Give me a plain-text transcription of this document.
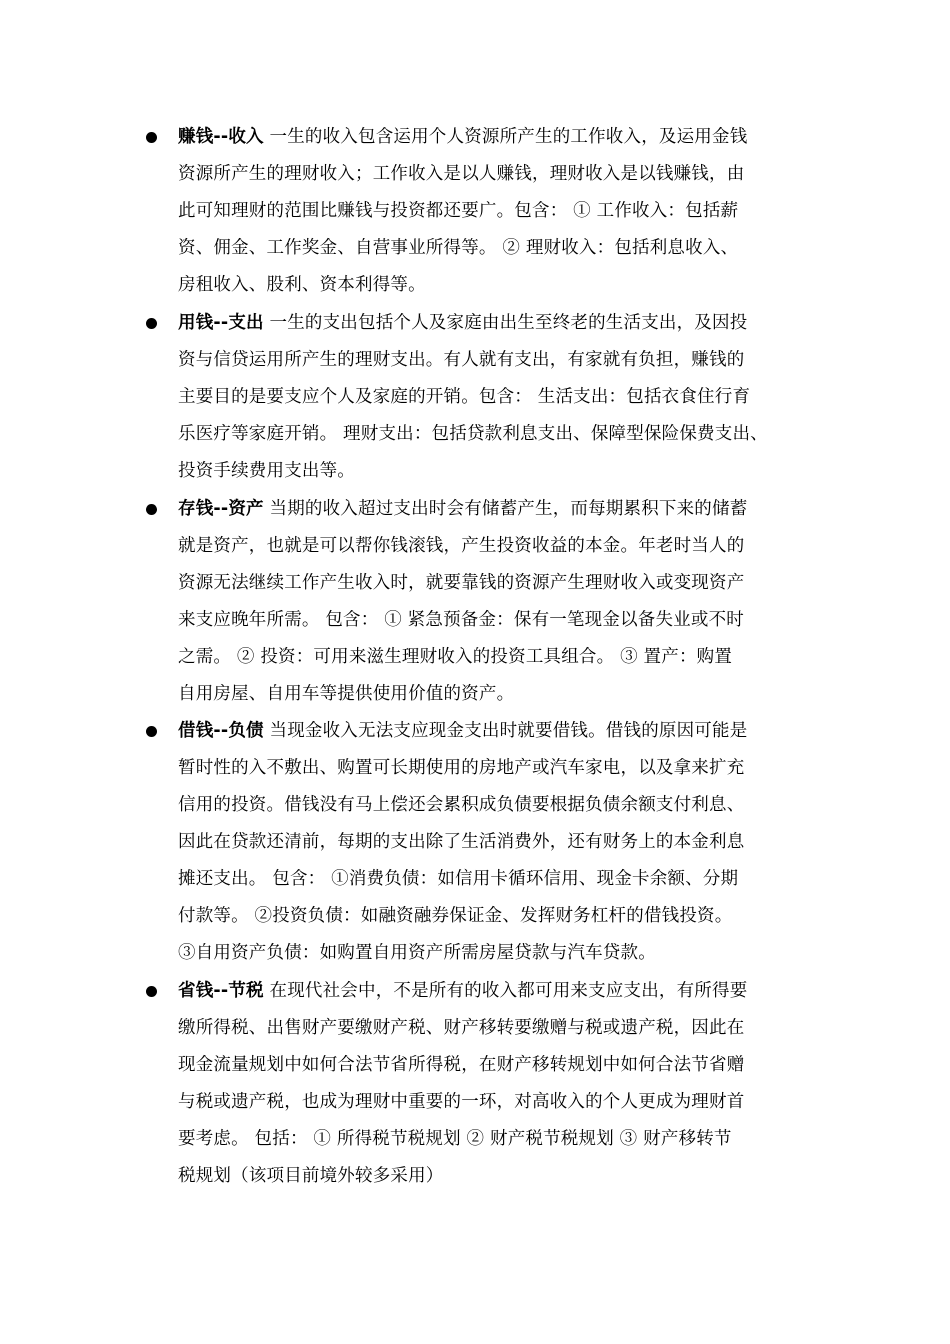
赚钱--收入 一生的收入包含运用个人资源所产生的工作收入，及运用金钱
资源所产生的理财收入；工作收入是以人赚钱，理财收入是以钱赚钱，由
此可知理财的范围比赚钱与投资都还要广。包含： ① 工作收入：包括薪
资、佣金、工作奖金、自营事业所得等。 ② 理财收入：包括利息收入、
房租收入、股利、资本利得等。
用钱--支出 一生的支出包括个人及家庭由出生至终老的生活支出，及因投
资与信贷运用所产生的理财支出。有人就有支出，有家就有负担，赚钱的
主要目的是要支应个人及家庭的开销。包含： 生活支出：包括衣食住行育
乐医疗等家庭开销。 理财支出：包括贷款利息支出、保障型保险保费支出、
投资手续费用支出等。
存钱--资产 当期的收入超过支出时会有储蓄产生，而每期累积下来的储蓄
就是资产，也就是可以帮你钱滚钱，产生投资收益的本金。年老时当人的
资源无法继续工作产生收入时，就要靠钱的资源产生理财收入或变现资产
来支应晚年所需。 包含： ① 紧急预备金：保有一笔现金以备失业或不时
之需。 ② 投资：可用来滋生理财收入的投资工具组合。 ③ 置产：购置
自用房屋、自用车等提供使用价值的资产。
借钱--负债 当现金收入无法支应现金支出时就要借钱。借钱的原因可能是
暂时性的入不敷出、购置可长期使用的房地产或汽车家电，以及拿来扩充
信用的投资。借钱没有马上偿还会累积成负债要根据负债余额支付利息、
因此在贷款还清前，每期的支出除了生活消费外，还有财务上的本金利息
摊还支出。 包含： ①消费负债：如信用卡循环信用、现金卡余额、分期
付款等。 ②投资负债：如融资融券保证金、发挥财务杠杆的借钱投资。
③自用资产负债：如购置自用资产所需房屋贷款与汽车贷款。
省钱--节税 在现代社会中，不是所有的收入都可用来支应支出，有所得要
缴所得税、出售财产要缴财产税、财产移转要缴赠与税或遗产税，因此在
现金流量规划中如何合法节省所得税，在财产移转规划中如何合法节省赠
与税或遗产税，也成为理财中重要的一环，对高收入的个人更成为理财首
要考虑。 包括： ① 所得税节税规划 ② 财产税节税规划 ③ 财产移转节
税规划（该项目前境外较多采用）
